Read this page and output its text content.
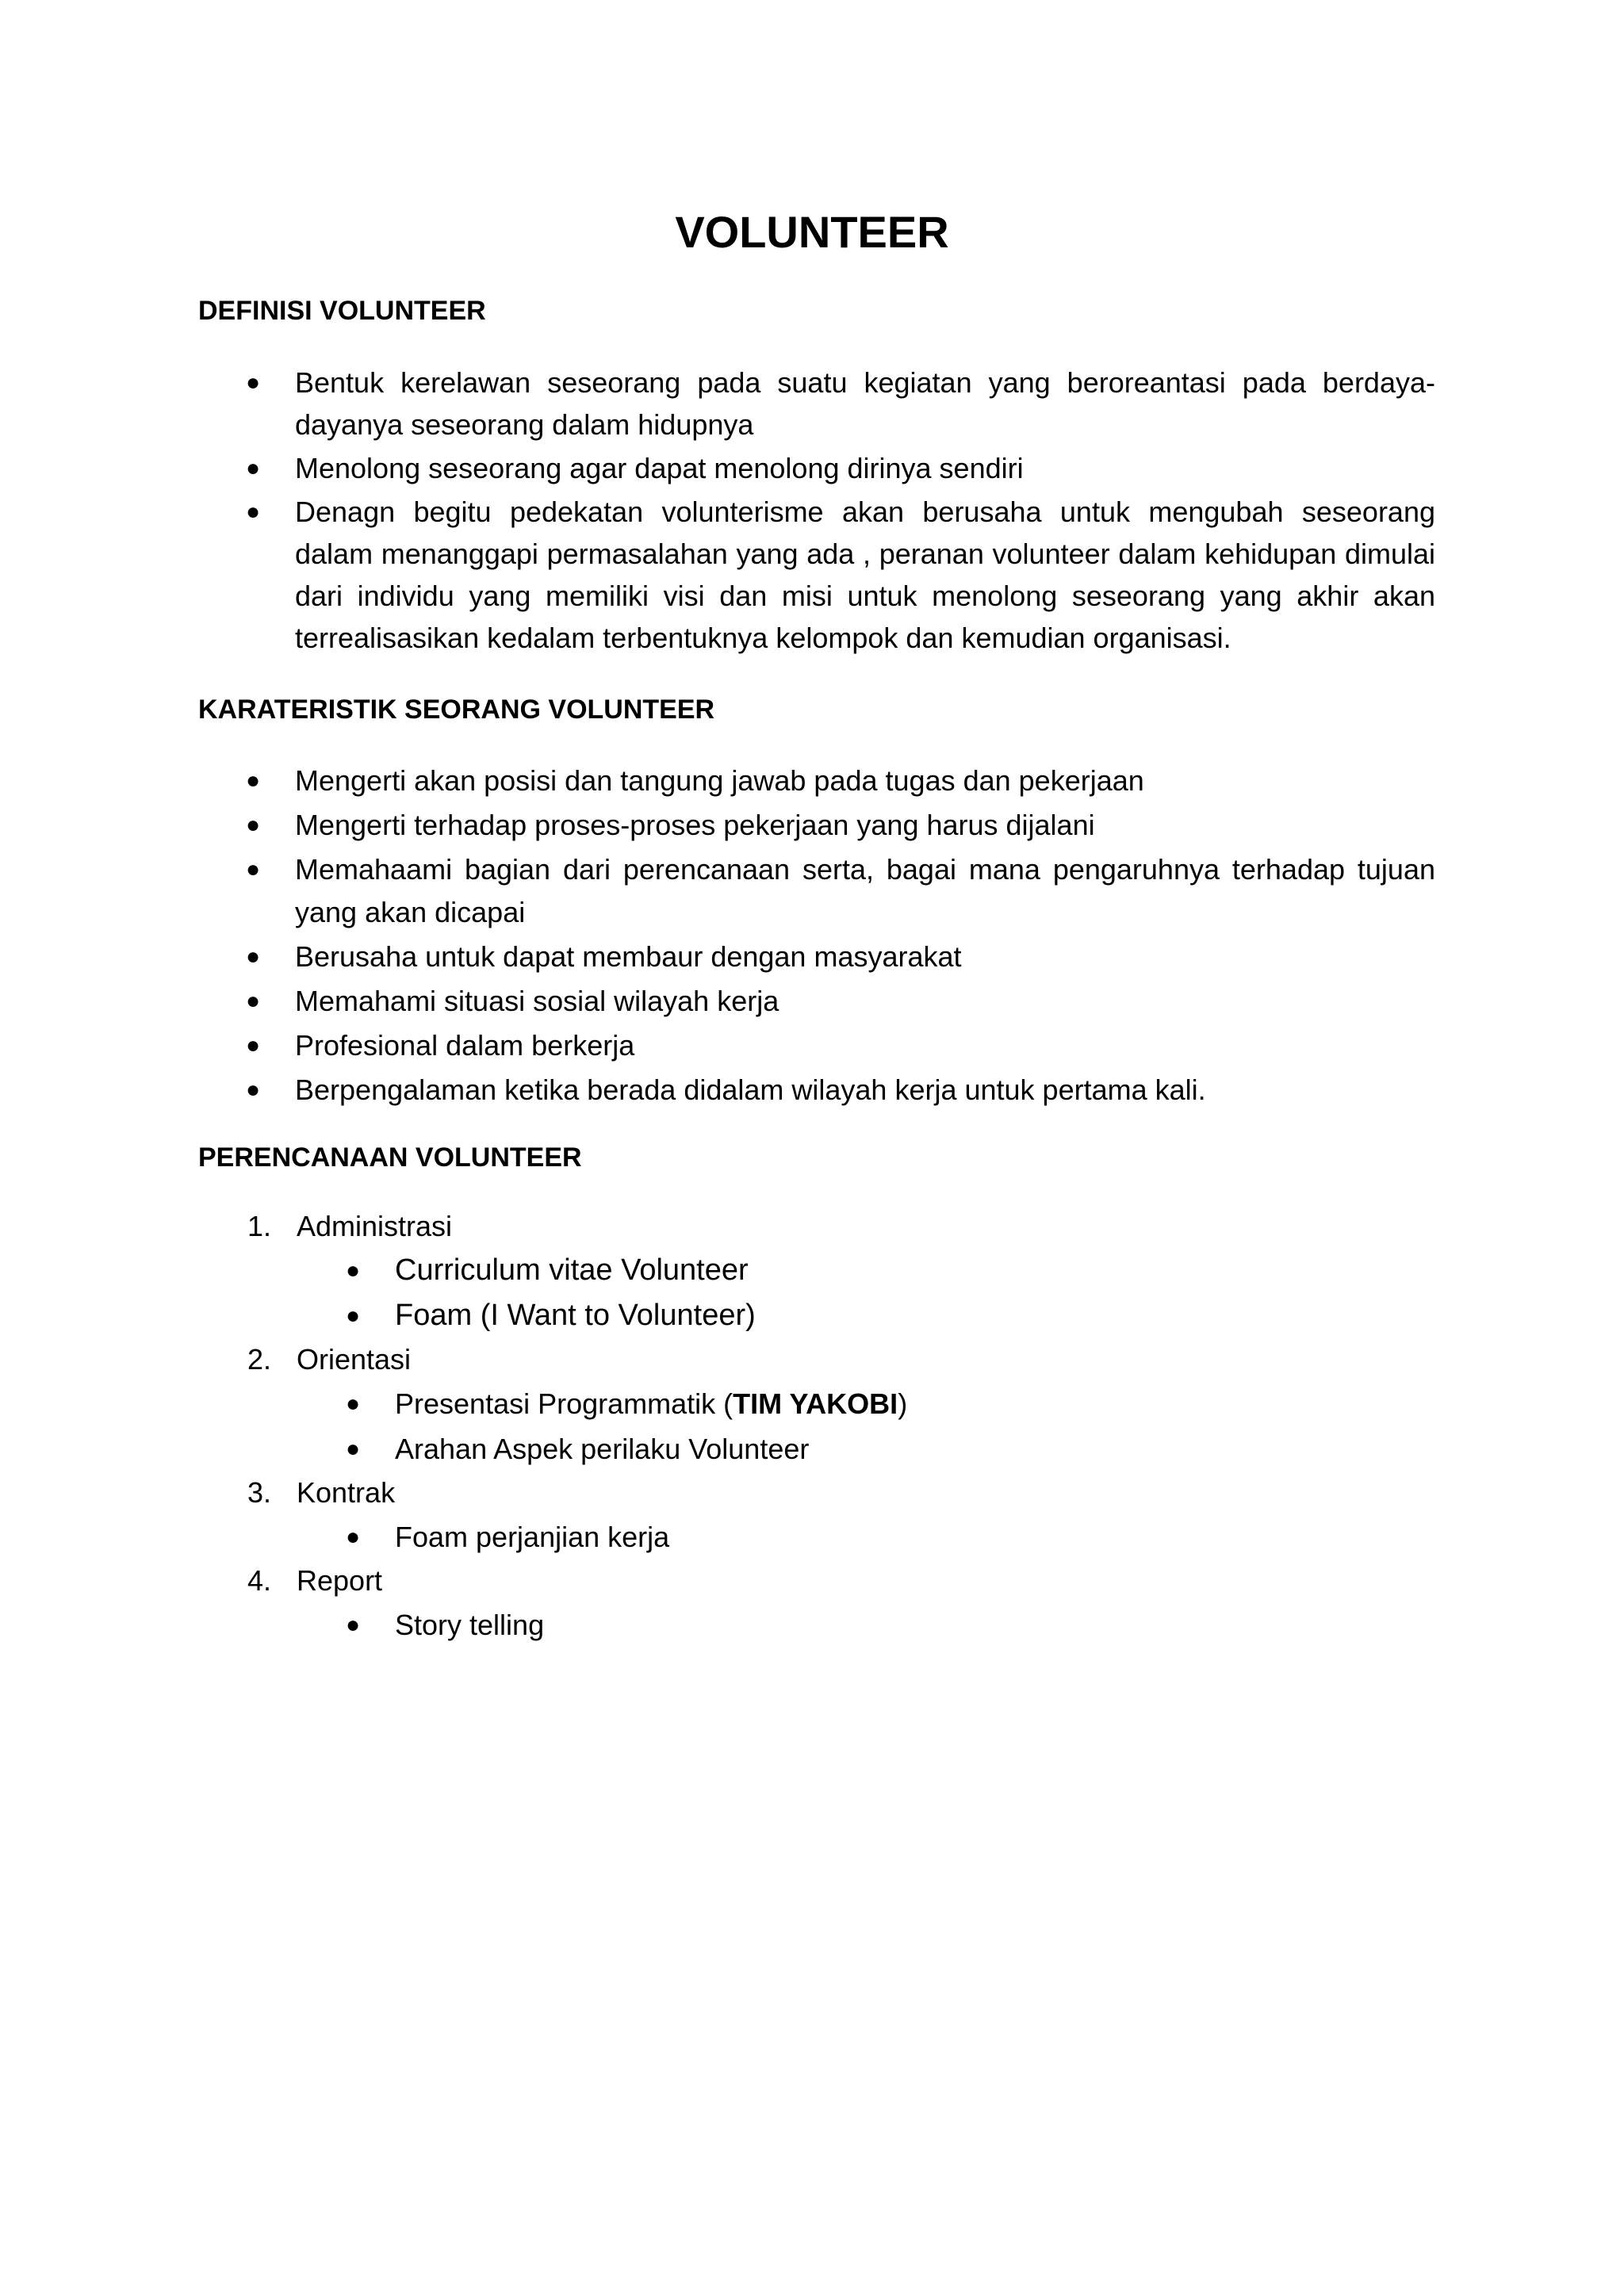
VOLUNTEER
DEFINISI VOLUNTEER
● Bentuk kerelawan seseorang pada suatu kegiatan yang beroreantasi pada berdaya-dayanya seseorang dalam hidupnya
● Menolong seseorang agar dapat menolong dirinya sendiri
● Denagn begitu pedekatan volunterisme akan berusaha untuk mengubah seseorang dalam menanggapi permasalahan yang ada , peranan volunteer dalam kehidupan dimulai dari individu yang memiliki visi dan misi untuk menolong seseorang yang akhir akan terrealisasikan kedalam terbentuknya kelompok dan kemudian organisasi.
KARATERISTIK SEORANG VOLUNTEER
● Mengerti akan posisi dan tangung jawab pada tugas dan pekerjaan
● Mengerti terhadap proses-proses pekerjaan yang harus dijalani
● Memahaami bagian dari perencanaan serta, bagai mana pengaruhnya terhadap tujuan yang akan dicapai
● Berusaha untuk dapat membaur dengan masyarakat
● Memahami situasi sosial wilayah kerja
● Profesional dalam berkerja
● Berpengalaman ketika berada didalam wilayah kerja untuk pertama kali.
PERENCANAAN VOLUNTEER
1. Administrasi
● Curriculum vitae Volunteer
● Foam (I Want to Volunteer)
2. Orientasi
● Presentasi Programmatik (TIM YAKOBI)
● Arahan Aspek perilaku Volunteer
3. Kontrak
● Foam perjanjian kerja
4. Report
● Story telling
